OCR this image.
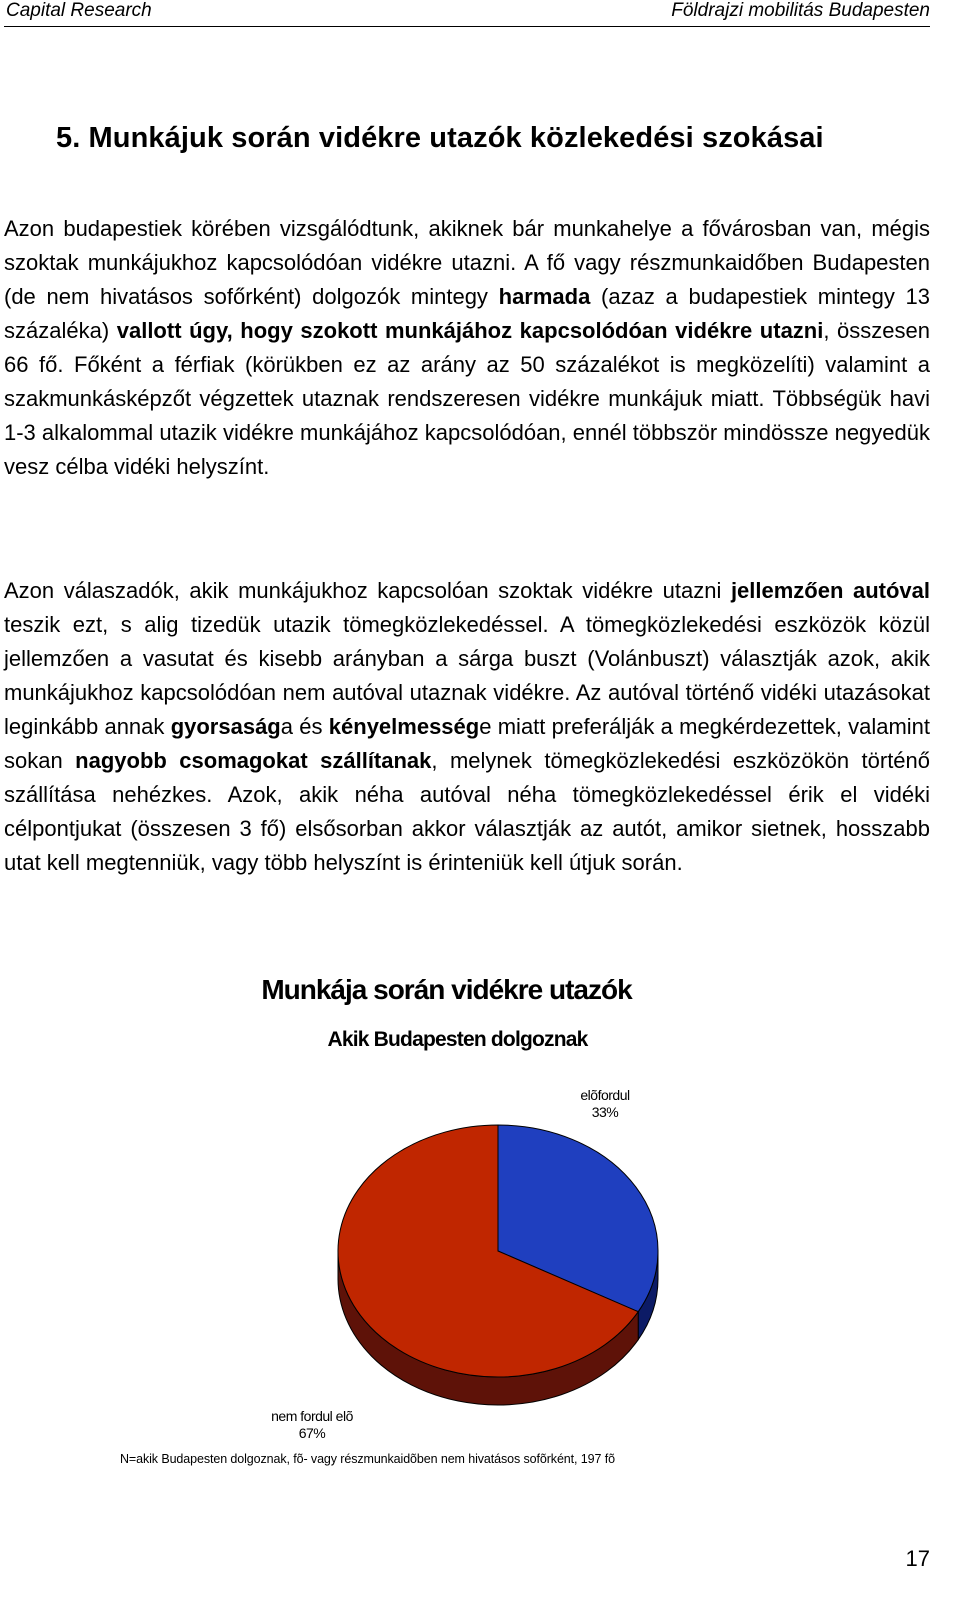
Capital Research	Földrajzi mobilitás Budapesten
5. Munkájuk során vidékre utazók közlekedési szokásai

Azon budapestiek körében vizsgálódtunk, akiknek bár munkahelye a fővárosban van, mégis szoktak munkájukhoz kapcsolódóan vidékre utazni. A fő vagy részmunkaidőben Budapesten (de nem hivatásos sofőrként) dolgozók mintegy harmada (azaz a budapestiek mintegy 13 százaléka) vallott úgy, hogy szokott munkájához kapcsolódóan vidékre utazni, összesen 66 fő. Főként a férfiak (körükben ez az arány az 50 százalékot is megközelíti) valamint a szakmunkásképzőt végzettek utaznak rendszeresen vidékre munkájuk miatt. Többségük havi 1-3 alkalommal utazik vidékre munkájához kapcsolódóan, ennél többször mindössze negyedük vesz célba vidéki helyszínt.

Azon válaszadók, akik munkájukhoz kapcsolóan szoktak vidékre utazni jellemzően autóval teszik ezt, s alig tizedük utazik tömegközlekedéssel. A tömegközlekedési eszközök közül jellemzően a vasutat és kisebb arányban a sárga buszt (Volánbuszt) választják azok, akik munkájukhoz kapcsolódóan nem autóval utaznak vidékre. Az autóval történő vidéki utazásokat leginkább annak gyorsasága és kényelmessége miatt preferálják a megkérdezettek, valamint sokan nagyobb csomagokat szállítanak, melynek tömegközlekedési eszközökön történő szállítása nehézkes. Azok, akik néha autóval néha tömegközlekedéssel érik el vidéki célpontjukat (összesen 3 fő) elsősorban akkor választják az autót, amikor sietnek, hosszabb utat kell megtenniük, vagy több helyszínt is érinteniük kell útjuk során.

Munkája során vidékre utazók
Akik Budapesten dolgoznak
elõfordul
33%
nem fordul elõ
67%
N=akik Budapesten dolgoznak, fõ- vagy részmunkaidõben nem hivatásos sofõrként, 197 fõ
17
